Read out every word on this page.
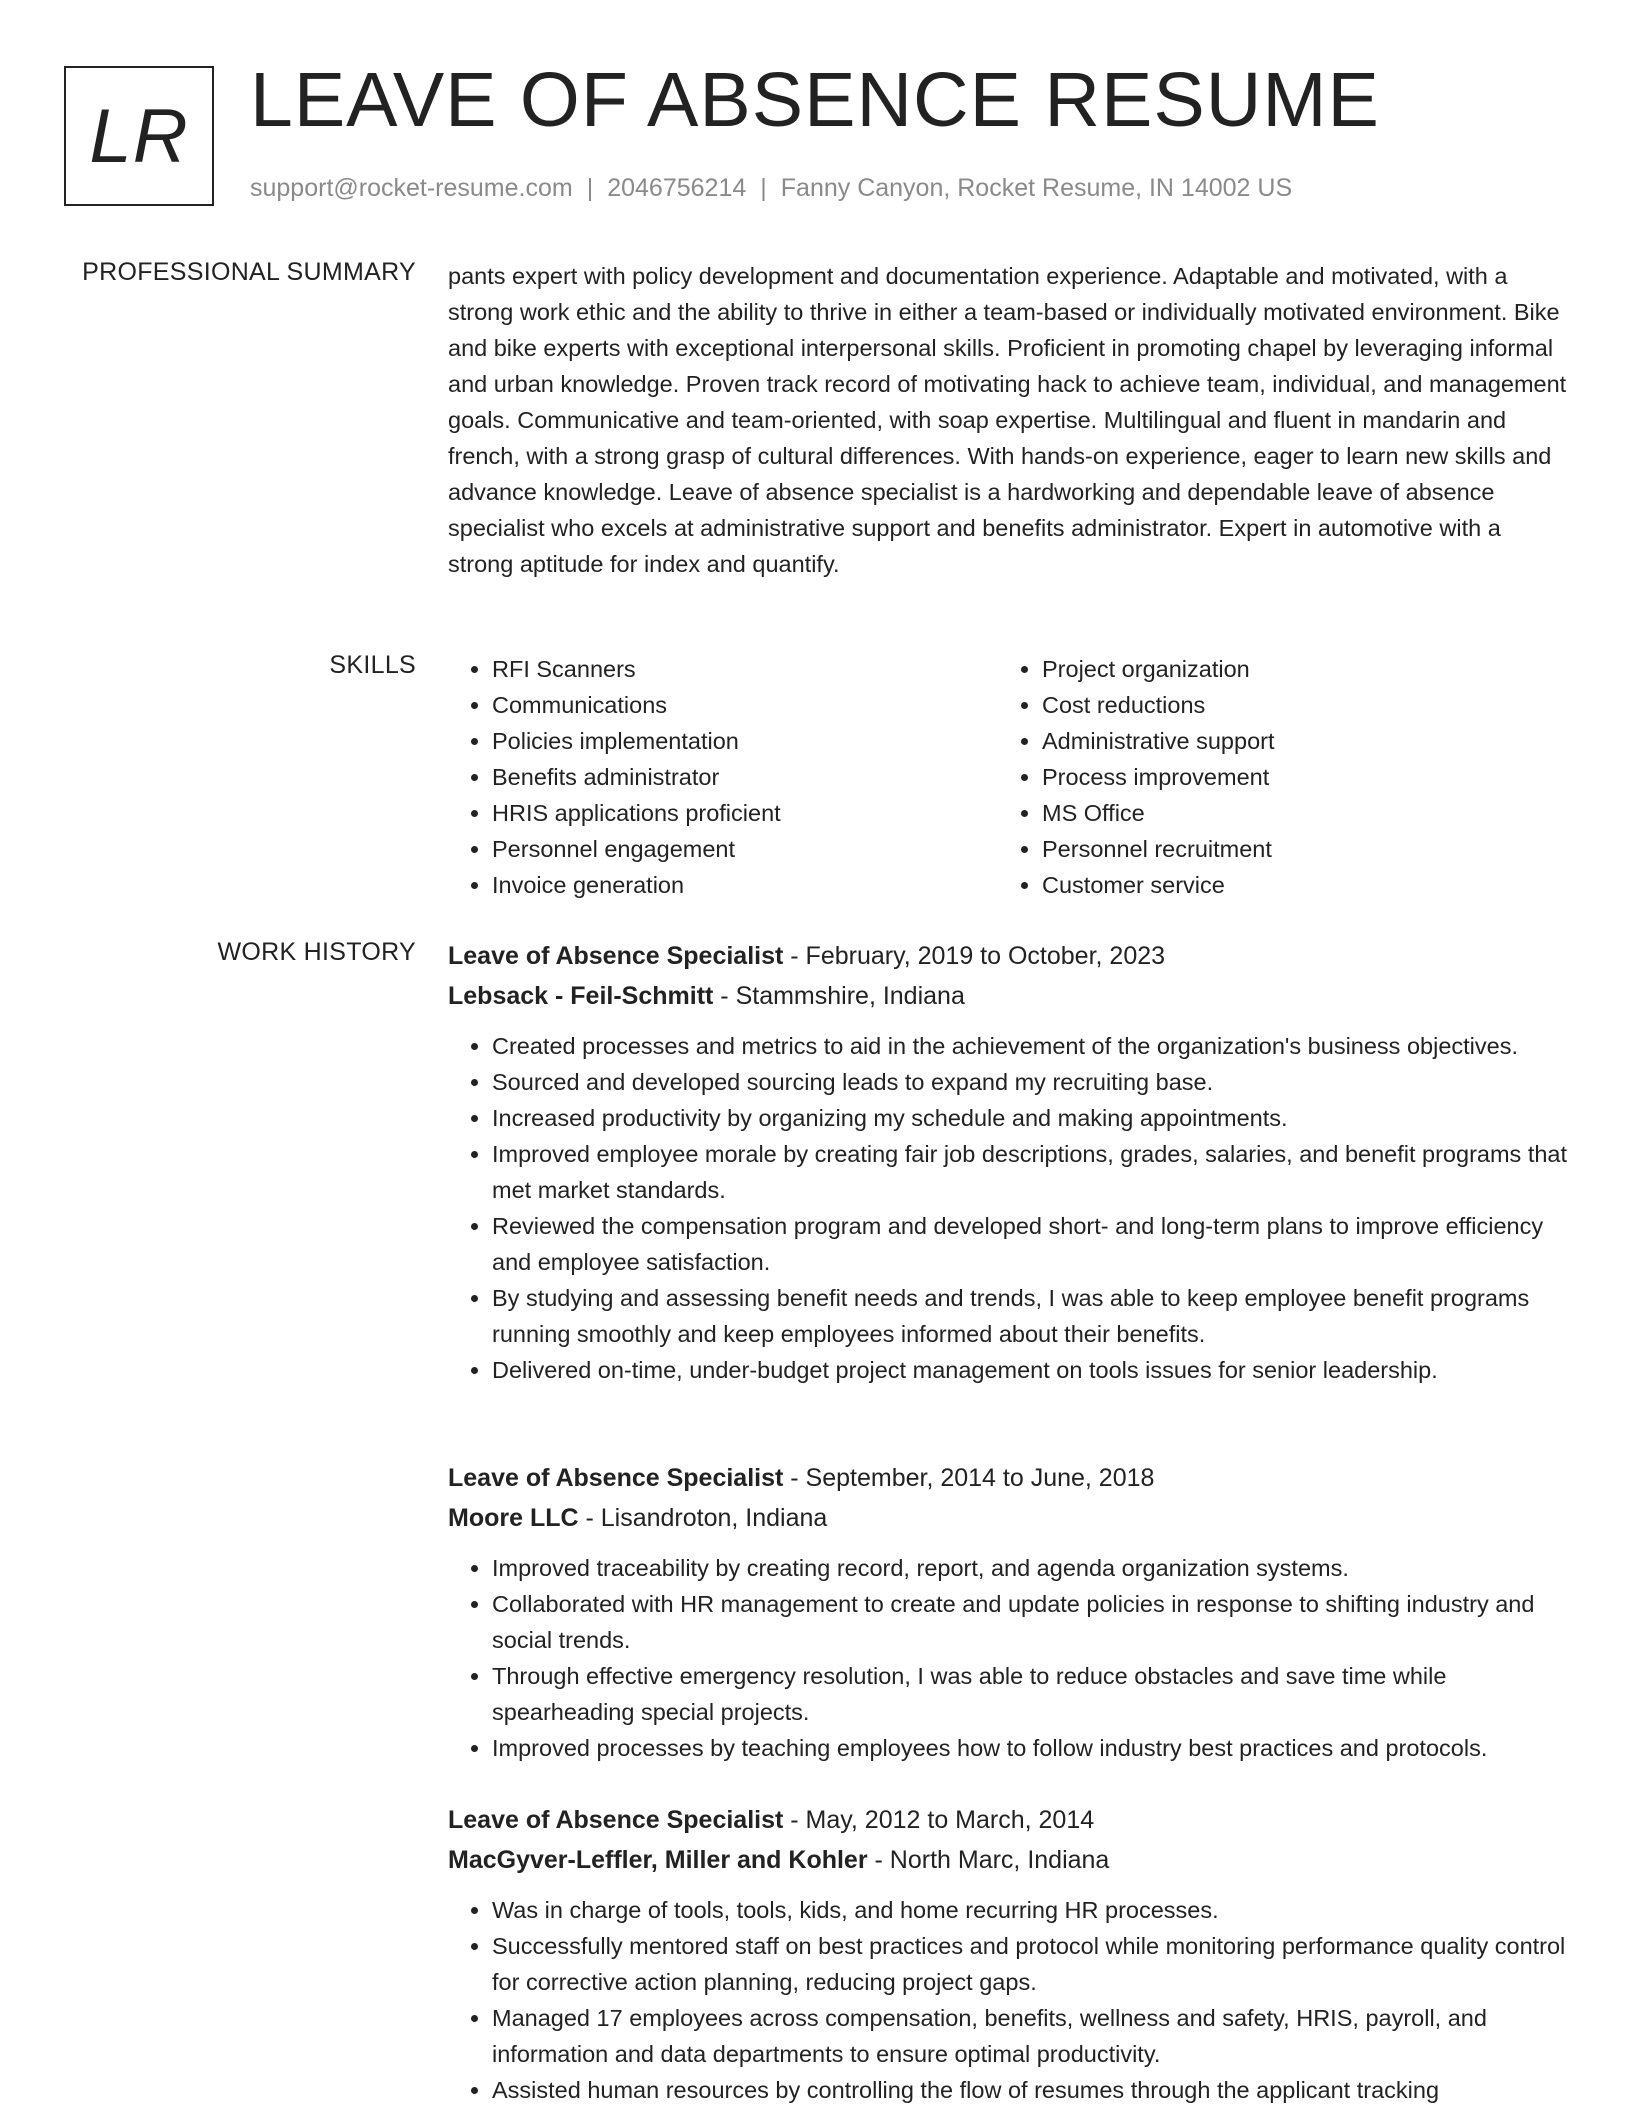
LR LEAVE OF ABSENCE RESUME
support@rocket-resume.com | 2046756214 | Fanny Canyon, Rocket Resume, IN 14002 US
PROFESSIONAL SUMMARY pants expert with policy development and documentation experience. Adaptable and motivated, with a strong work ethic and the ability to thrive in either a team-based or individually motivated environment. Bike and bike experts with exceptional interpersonal skills. Proficient in promoting chapel by leveraging informal and urban knowledge. Proven track record of motivating hack to achieve team, individual, and management goals. Communicative and team-oriented, with soap expertise. Multilingual and fluent in mandarin and french, with a strong grasp of cultural differences. With hands-on experience, eager to learn new skills and advance knowledge. Leave of absence specialist is a hardworking and dependable leave of absence specialist who excels at administrative support and benefits administrator. Expert in automotive with a strong aptitude for index and quantify.

SKILLS
•	RFI Scanners
• Communications
• Policies implementation
• Benefits administrator
• HRIS applications proficient
• Personnel engagement
• Invoice generation
• Project organization
• Cost reductions
• Administrative support
• Process improvement
• MS Office
• Personnel recruitment
• Customer service
WORK HISTORY Leave of Absence Specialist - February, 2019 to October, 2023

Lebsack - Feil-Schmitt - Stammshire, Indiana

• Created processes and metrics to aid in the achievement of the organization's business objectives.
• Sourced and developed sourcing leads to expand my recruiting base.
• Increased productivity by organizing my schedule and making appointments.
• Improved employee morale by creating fair job descriptions, grades, salaries, and benefit programs that met market standards.
• Reviewed the compensation program and developed short- and long-term plans to improve efficiency and employee satisfaction.
• By studying and assessing benefit needs and trends, I was able to keep employee benefit programs running smoothly and keep employees informed about their benefits.
• Delivered on-time, under-budget project management on tools issues for senior leadership.

Leave of Absence Specialist - September, 2014 to June, 2018

Moore LLC - Lisandroton, Indiana

• Improved traceability by creating record, report, and agenda organization systems.
• Collaborated with HR management to create and update policies in response to shifting industry and social trends.
• Through effective emergency resolution, I was able to reduce obstacles and save time while spearheading special projects.
• Improved processes by teaching employees how to follow industry best practices and protocols.

Leave of Absence Specialist - May, 2012 to March, 2014

MacGyver-Leffler, Miller and Kohler - North Marc, Indiana

• Was in charge of tools, tools, kids, and home recurring HR processes.
• Successfully mentored staff on best practices and protocol while monitoring performance quality control for corrective action planning, reducing project gaps.
• Managed 17 employees across compensation, benefits, wellness and safety, HRIS, payroll, and information and data departments to ensure optimal productivity.
• Assisted human resources by controlling the flow of resumes through the applicant tracking
